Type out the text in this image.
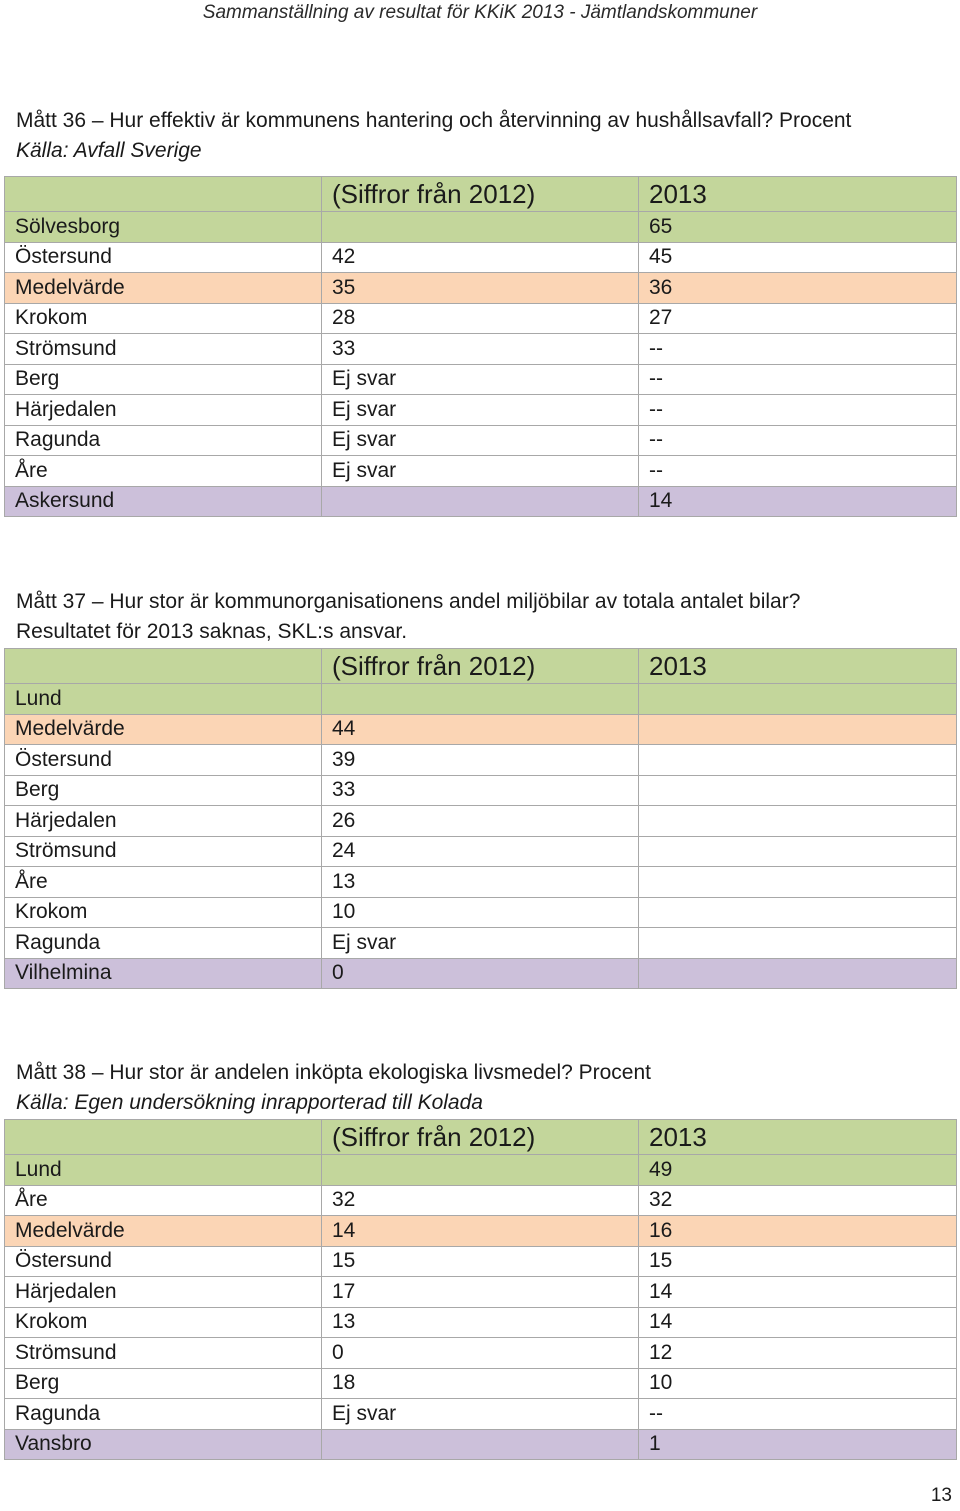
Sammanställning av resultat för KKiK 2013 - Jämtlandskommuner
Mått 36 – Hur effektiv är kommunens hantering och återvinning av hushållsavfall? Procent
Källa: Avfall Sverige
	(Siffror från 2012)	2013
Sölvesborg		65
Östersund	42	45
Medelvärde	35	36
Krokom	28	27
Strömsund	33	--
Berg	Ej svar	--
Härjedalen	Ej svar	--
Ragunda	Ej svar	--
Åre	Ej svar	--
Askersund		14
Mått 37 – Hur stor är kommunorganisationens andel miljöbilar av totala antalet bilar?
Resultatet för 2013 saknas, SKL:s ansvar.
	(Siffror från 2012)	2013
Lund		
Medelvärde	44	
Östersund	39	
Berg	33	
Härjedalen	26	
Strömsund	24	
Åre	13	
Krokom	10	
Ragunda	Ej svar	
Vilhelmina	0	
Mått 38 – Hur stor är andelen inköpta ekologiska livsmedel? Procent
Källa: Egen undersökning inrapporterad till Kolada
	(Siffror från 2012)	2013
Lund		49
Åre	32	32
Medelvärde	14	16
Östersund	15	15
Härjedalen	17	14
Krokom	13	14
Strömsund	0	12
Berg	18	10
Ragunda	Ej svar	--
Vansbro		1
13
